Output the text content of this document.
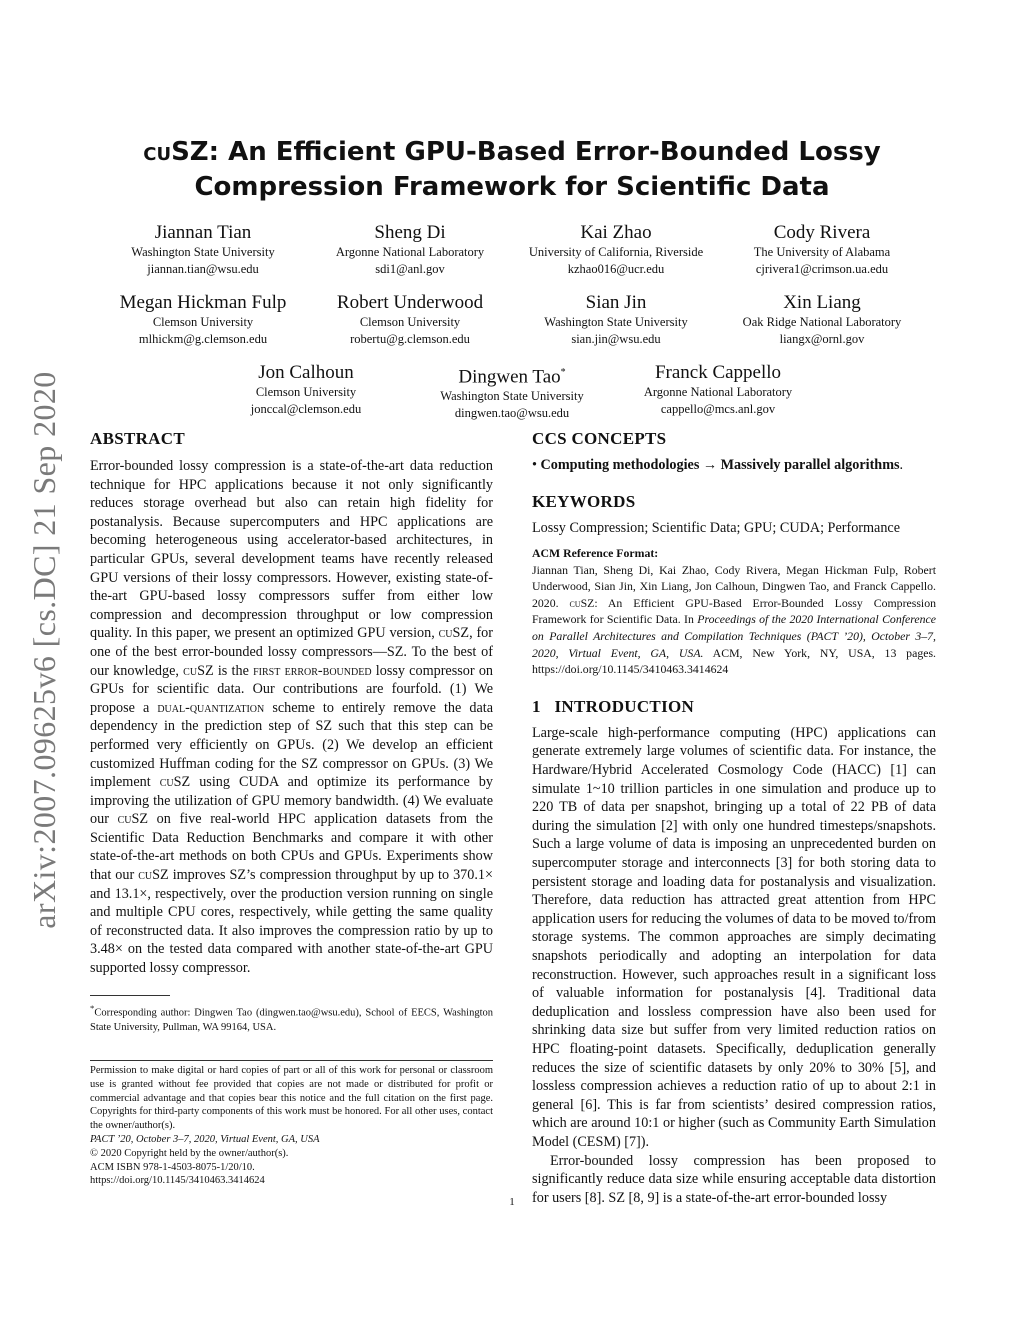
arXiv:2007.09625v6 [cs.DC] 21 Sep 2020
cuSZ: An Efficient GPU-Based Error-Bounded Lossy
Compression Framework for Scientific Data
Jiannan Tian
Washington State University
jiannan.tian@wsu.edu
Sheng Di
Argonne National Laboratory
sdi1@anl.gov
Kai Zhao
University of California, Riverside
kzhao016@ucr.edu
Cody Rivera
The University of Alabama
cjrivera1@crimson.ua.edu
Megan Hickman Fulp
Clemson University
mlhickm@g.clemson.edu
Robert Underwood
Clemson University
robertu@g.clemson.edu
Sian Jin
Washington State University
sian.jin@wsu.edu
Xin Liang
Oak Ridge National Laboratory
liangx@ornl.gov
Jon Calhoun
Clemson University
jonccal@clemson.edu
Dingwen Tao*
Washington State University
dingwen.tao@wsu.edu
Franck Cappello
Argonne National Laboratory
cappello@mcs.anl.gov
ABSTRACT

Error-bounded lossy compression is a state-of-the-art data reduction technique for HPC applications because it not only significantly reduces storage overhead but also can retain high fidelity for postanalysis. Because supercomputers and HPC applications are becoming heterogeneous using accelerator-based architectures, in particular GPUs, several development teams have recently released GPU versions of their lossy compressors. However, existing state-of-the-art GPU-based lossy compressors suffer from either low compression and decompression throughput or low compression quality. In this paper, we present an optimized GPU version, cuSZ, for one of the best error-bounded lossy compressors—SZ. To the best of our knowledge, cuSZ is the first error-bounded lossy compressor on GPUs for scientific data. Our contributions are fourfold. (1) We propose a dual-quantization scheme to entirely remove the data dependency in the prediction step of SZ such that this step can be performed very efficiently on GPUs. (2) We develop an efficient customized Huffman coding for the SZ compressor on GPUs. (3) We implement cuSZ using CUDA and optimize its performance by improving the utilization of GPU memory bandwidth. (4) We evaluate our cuSZ on five real-world HPC application datasets from the Scientific Data Reduction Benchmarks and compare it with other state-of-the-art methods on both CPUs and GPUs. Experiments show that our cuSZ improves SZ’s compression throughput by up to 370.1× and 13.1×, respectively, over the production version running on single and multiple CPU cores, respectively, while getting the same quality of reconstructed data. It also improves the compression ratio by up to 3.48× on the tested data compared with another state-of-the-art GPU supported lossy compressor.

*Corresponding author: Dingwen Tao (dingwen.tao@wsu.edu), School of EECS, Washington State University, Pullman, WA 99164, USA.

Permission to make digital or hard copies of part or all of this work for personal or classroom use is granted without fee provided that copies are not made or distributed for profit or commercial advantage and that copies bear this notice and the full citation on the first page. Copyrights for third-party components of this work must be honored. For all other uses, contact the owner/author(s).

PACT ’20, October 3–7, 2020, Virtual Event, GA, USA

© 2020 Copyright held by the owner/author(s).

ACM ISBN 978-1-4503-8075-1/20/10.

https://doi.org/10.1145/3410463.3414624

CCS CONCEPTS

• Computing methodologies → Massively parallel algorithms.

KEYWORDS

Lossy Compression; Scientific Data; GPU; CUDA; Performance

ACM Reference Format:

Jiannan Tian, Sheng Di, Kai Zhao, Cody Rivera, Megan Hickman Fulp, Robert Underwood, Sian Jin, Xin Liang, Jon Calhoun, Dingwen Tao, and Franck Cappello. 2020. cuSZ: An Efficient GPU-Based Error-Bounded Lossy Compression Framework for Scientific Data. In Proceedings of the 2020 International Conference on Parallel Architectures and Compilation Techniques (PACT ’20), October 3–7, 2020, Virtual Event, GA, USA. ACM, New York, NY, USA, 13 pages. https://doi.org/10.1145/3410463.3414624

1 INTRODUCTION

Large-scale high-performance computing (HPC) applications can generate extremely large volumes of scientific data. For instance, the Hardware/Hybrid Accelerated Cosmology Code (HACC) [1] can simulate 1~10 trillion particles in one simulation and produce up to 220 TB of data per snapshot, bringing up a total of 22 PB of data during the simulation [2] with only one hundred timesteps/snapshots. Such a large volume of data is imposing an unprecedented burden on supercomputer storage and interconnects [3] for both storing data to persistent storage and loading data for postanalysis and visualization. Therefore, data reduction has attracted great attention from HPC application users for reducing the volumes of data to be moved to/from storage systems. The common approaches are simply decimating snapshots periodically and adopting an interpolation for data reconstruction. However, such approaches result in a significant loss of valuable information for postanalysis [4]. Traditional data deduplication and lossless compression have also been used for shrinking data size but suffer from very limited reduction ratios on HPC floating-point datasets. Specifically, deduplication generally reduces the size of scientific datasets by only 20% to 30% [5], and lossless compression achieves a reduction ratio of up to about 2:1 in general [6]. This is far from scientists’ desired compression ratios, which are around 10:1 or higher (such as Community Earth Simulation Model (CESM) [7]).

Error-bounded lossy compression has been proposed to significantly reduce data size while ensuring acceptable data distortion for users [8]. SZ [8, 9] is a state-of-the-art error-bounded lossy

1
